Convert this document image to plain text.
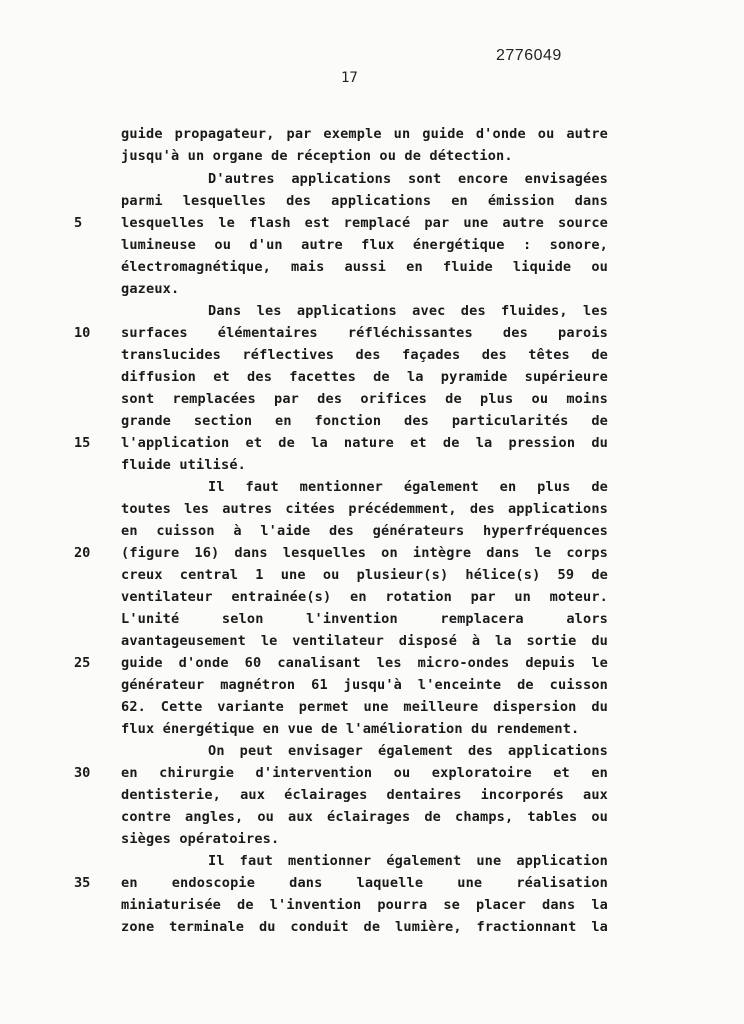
2776049
17
guide propagateur, par exemple un guide d'onde ou autre
jusqu'à un organe de réception ou de détection.
D'autres applications sont encore envisagées
parmi lesquelles des applications en émission dans
lesquelles le flash est remplacé par une autre source
lumineuse ou d'un autre flux énergétique : sonore,
électromagnétique, mais aussi en fluide liquide ou
gazeux.
Dans les applications avec des fluides, les
surfaces élémentaires réfléchissantes des parois
translucides réflectives des façades des têtes de
diffusion et des facettes de la pyramide supérieure
sont remplacées par des orifices de plus ou moins
grande section en fonction des particularités de
l'application et de la nature et de la pression du
fluide utilisé.
Il faut mentionner également en plus de
toutes les autres citées précédemment, des applications
en cuisson à l'aide des générateurs hyperfréquences
(figure 16) dans lesquelles on intègre dans le corps
creux central 1 une ou plusieur(s) hélice(s) 59 de
ventilateur entrainée(s) en rotation par un moteur.
L'unité selon l'invention remplacera alors
avantageusement le ventilateur disposé à la sortie du
guide d'onde 60 canalisant les micro-ondes depuis le
générateur magnétron 61 jusqu'à l'enceinte de cuisson
62. Cette variante permet une meilleure dispersion du
flux énergétique en vue de l'amélioration du rendement.
On peut envisager également des applications
en chirurgie d'intervention ou exploratoire et en
dentisterie, aux éclairages dentaires incorporés aux
contre angles, ou aux éclairages de champs, tables ou
sièges opératoires.
Il faut mentionner également une application
en endoscopie dans laquelle une réalisation
miniaturisée de l'invention pourra se placer dans la
zone terminale du conduit de lumière, fractionnant la
5
10
15
20
25
30
35
